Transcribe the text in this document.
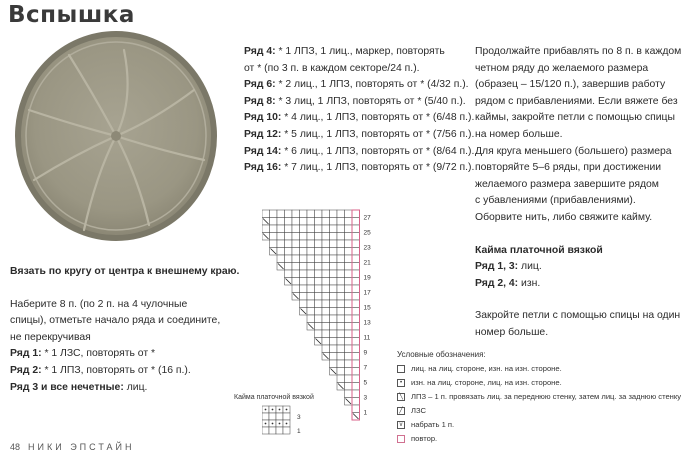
Вспышка

Ряд 4: * 1 ЛПЗ, 1 лиц., маркер, повторять

от * (по 3 п. в каждом секторе/24 п.).

Ряд 6: * 2 лиц., 1 ЛПЗ, повторять от * (4/32 п.).

Ряд 8: * 3 лиц, 1 ЛПЗ, повторять от * (5/40 п.).

Ряд 10: * 4 лиц., 1 ЛПЗ, повторять от * (6/48 п.).

Ряд 12: * 5 лиц., 1 ЛПЗ, повторять от * (7/56 п.).

Ряд 14: * 6 лиц., 1 ЛПЗ, повторять от * (8/64 п.).

Ряд 16: * 7 лиц., 1 ЛПЗ, повторять от * (9/72 п.).

Продолжайте прибавлять по 8 п. в каждом

четном ряду до желаемого размера

(образец – 15/120 п.), завершив работу

рядом с прибавлениями. Если вяжете без

каймы, закройте петли с помощью спицы

на номер больше.

Для круга меньшего (большего) размера

повторяйте 5–6 ряды, при достижении

желаемого размера завершите рядом

с убавлениями (прибавлениями).

Оборвите нить, либо свяжите кайму.

Кайма платочной вязкой

Ряд 1, 3: лиц.

Ряд 2, 4: изн.

Закройте петли с помощью спицы на один

номер больше.

Вязать по кругу от центра к внешнему краю.

Наберите 8 п. (по 2 п. на 4 чулочные

спицы), отметьте начало ряда и соедините,

не перекручивая

Ряд 1: * 1 ЛЗС, повторять от *

Ряд 2: * 1 ЛПЗ, повторять от * (16 п.).

Ряд 3 и все нечетные: лиц.

27
25
23
21
19
17
15
13
11
9
7
5
3
1
Кайма платочной вязкой
3
1
Условные обозначения:
лиц. на лиц. стороне, изн. на изн. стороне.
•	изн. на лиц. стороне, лиц. на изн. стороне.
╲ ЛПЗ – 1 п. провязать лиц. за переднюю стенку, затем лиц. за заднюю стенку
╱ ЛЗС
v	набрать 1 п.
повтор.
48 НИКИ ЭПСТАЙН
